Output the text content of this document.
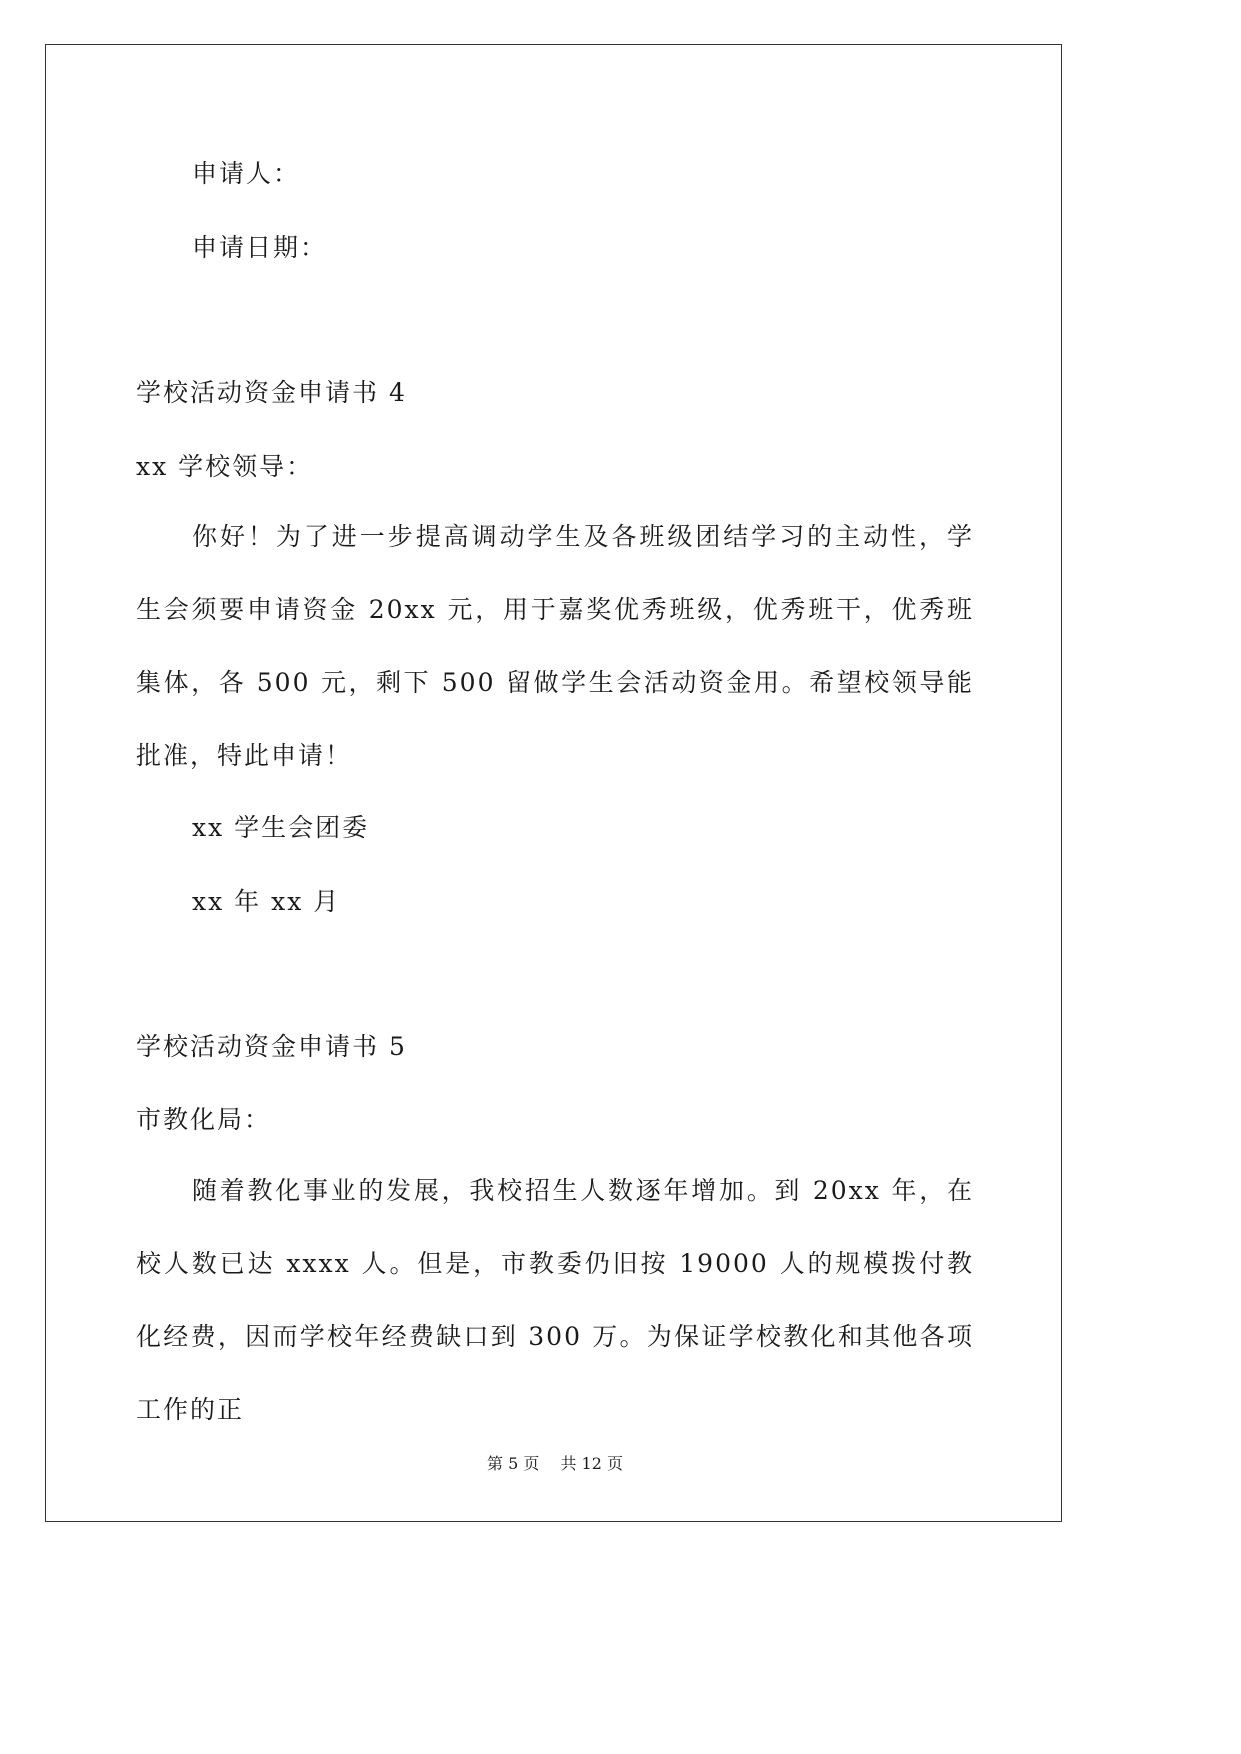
申请人：

申请日期：

学校活动资金申请书 4

xx 学校领导：

你好！为了进一步提高调动学生及各班级团结学习的主动性，学生会须要申请资金 20xx 元，用于嘉奖优秀班级，优秀班干，优秀班集体，各 500 元，剩下 500 留做学生会活动资金用。希望校领导能批准，特此申请！

xx 学生会团委

xx 年 xx 月

学校活动资金申请书 5

市教化局：

随着教化事业的发展，我校招生人数逐年增加。到 20xx 年，在校人数已达 xxxx 人。但是，市教委仍旧按 19000 人的规模拨付教化经费，因而学校年经费缺口到 300 万。为保证学校教化和其他各项工作的正

第 5 页 共 12 页
